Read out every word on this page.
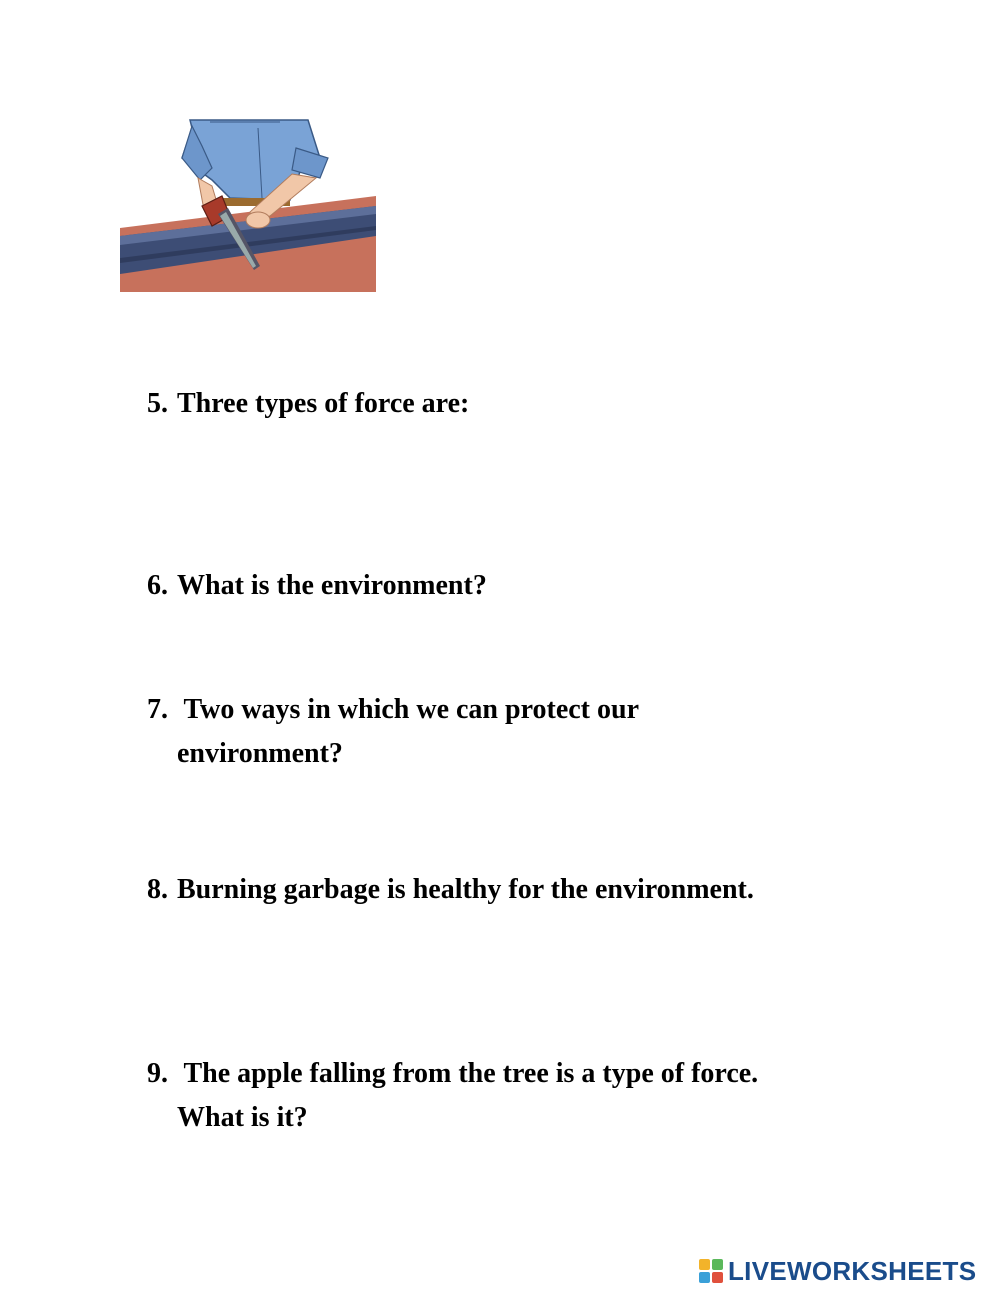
5. Three types of force are:
6. What is the environment?
7. Two ways in which we can protect our
environment?
8. Burning garbage is healthy for the environment.
9. The apple falling from the tree is a type of force.
What is it?
LIVEWORKSHEETS
